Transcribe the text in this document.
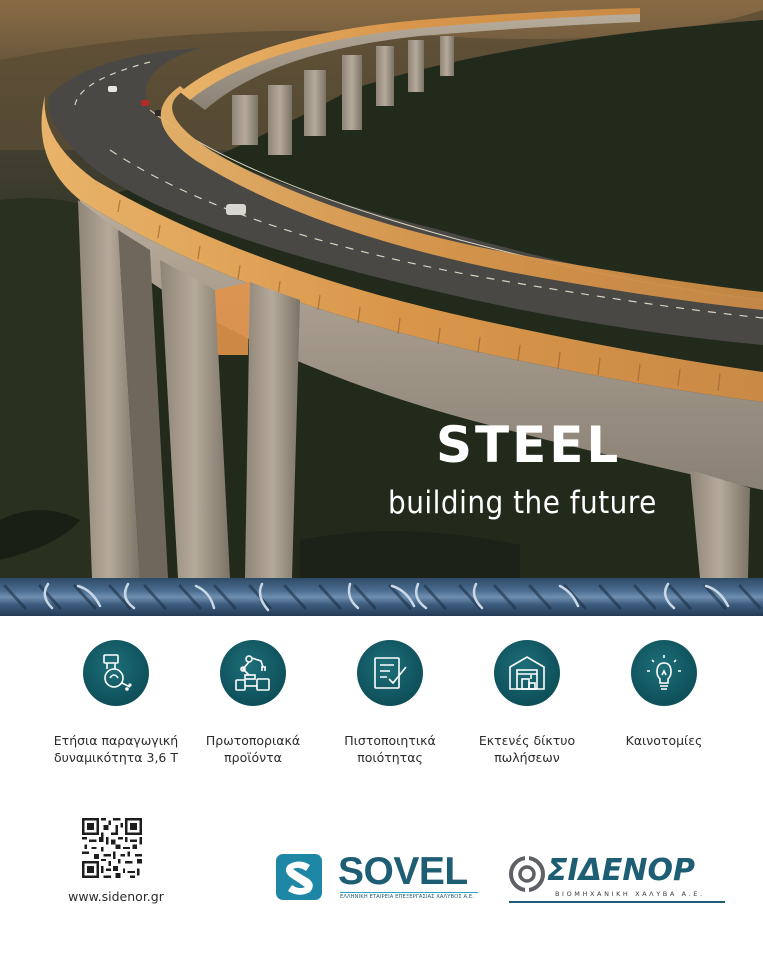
STEEL

building the future

Ετήσια παραγωγική
δυναμικότητα 3,6 Τ
Πρωτοποριακά
προϊόντα
Πιστοποιητικά
ποιότητας
Εκτενές δίκτυο
πωλήσεων
Καινοτομίες
www.sidenor.gr
SOVEL
ΕΛΛΗΝΙΚΗ ΕΤΑΙΡΕΙΑ ΕΠΕΞΕΡΓΑΣΙΑΣ ΧΑΛΥΒΟΣ Α.Ε.
ΣΙΔΕΝΟΡ
ΒΙΟΜΗΧΑΝΙΚΗ ΧΑΛΥΒΑ Α.Ε.
